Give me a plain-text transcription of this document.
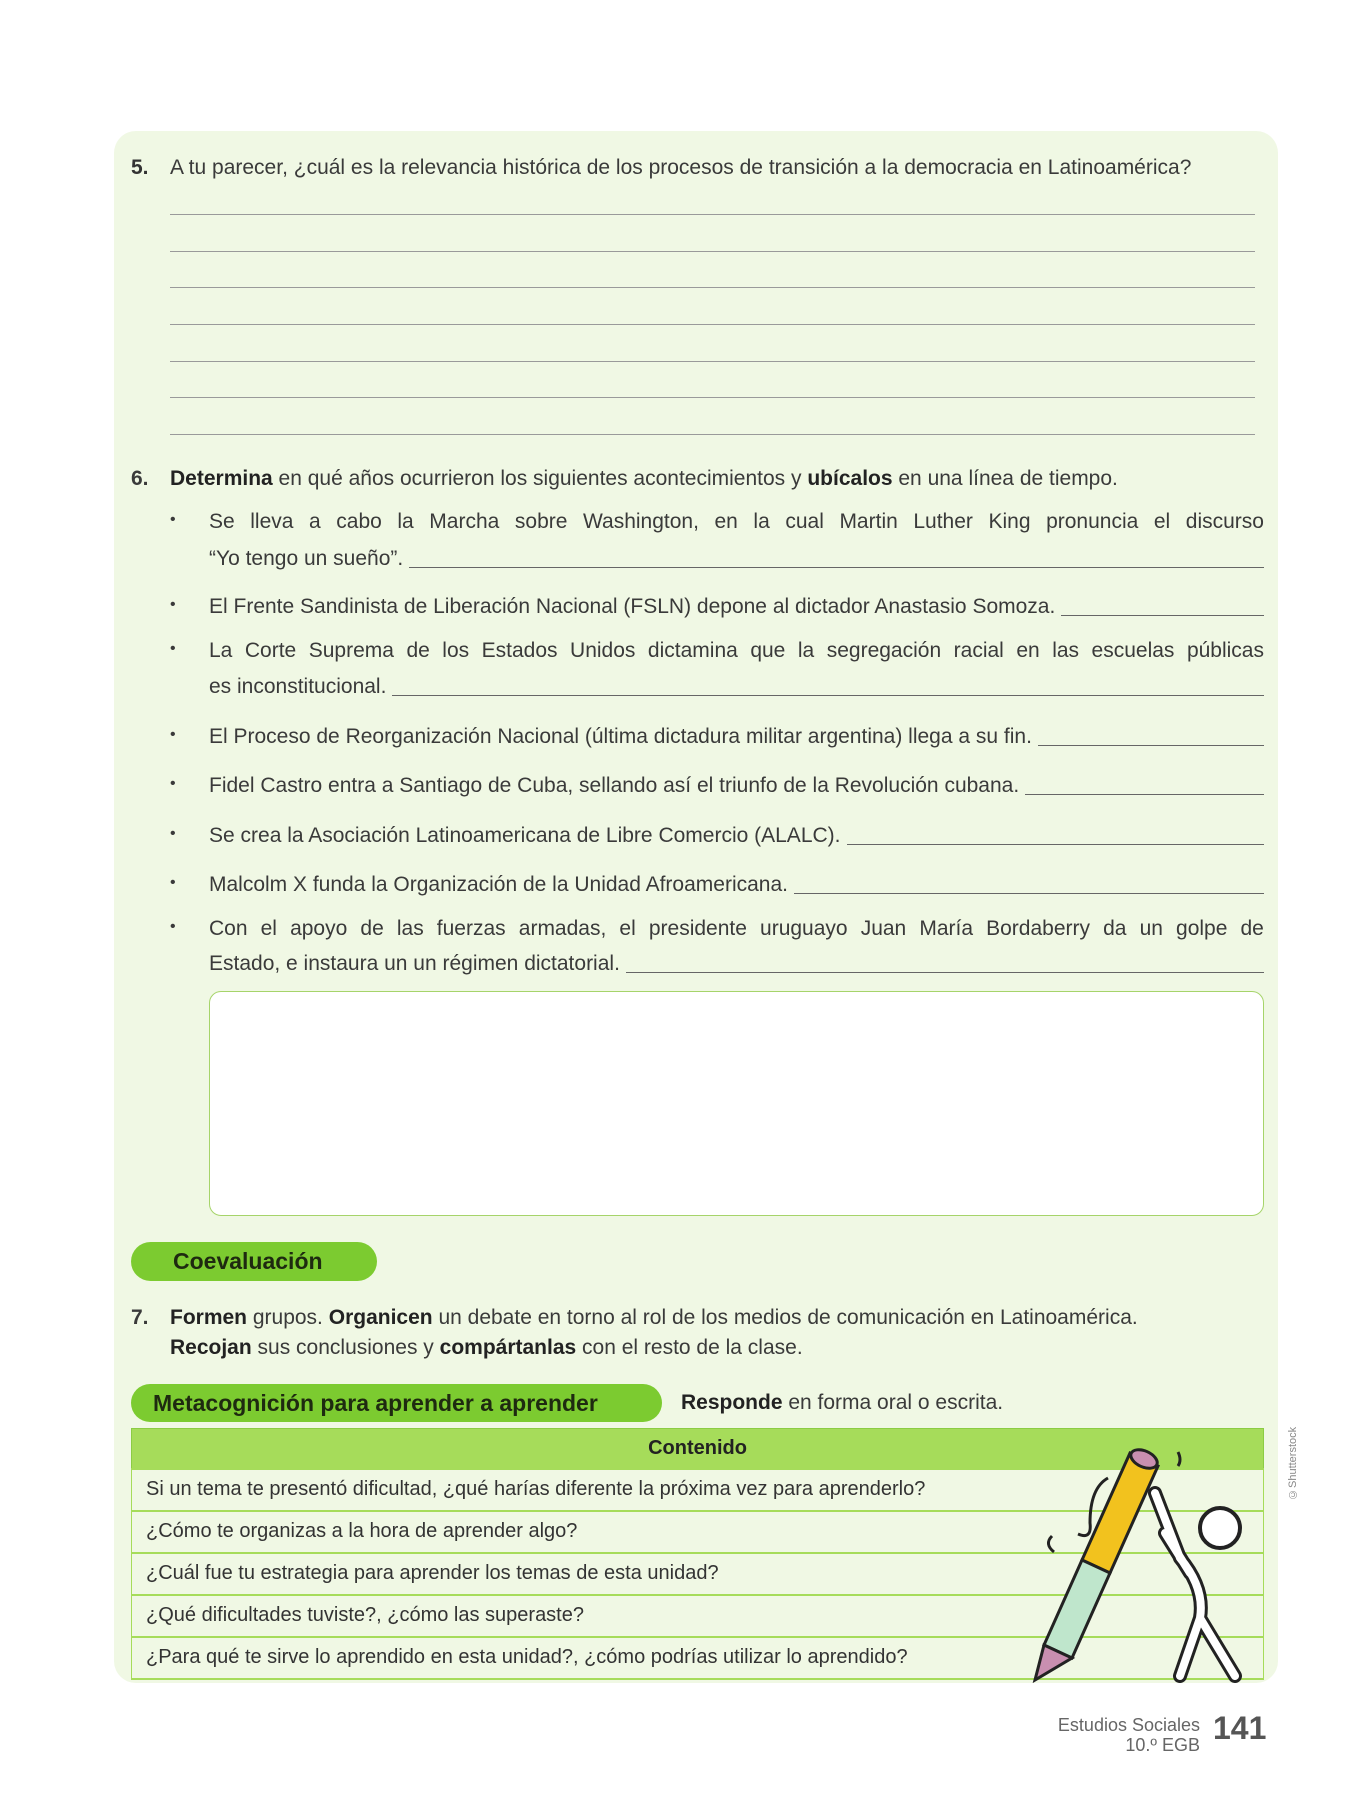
5. A tu parecer, ¿cuál es la relevancia histórica de los procesos de transición a la democracia en Latinoamérica?
6. Determina en qué años ocurrieron los siguientes acontecimientos y ubícalos en una línea de tiempo.
• Se lleva a cabo la Marcha sobre Washington, en la cual Martin Luther King pronuncia el discurso
“Yo tengo un sueño”.
• El Frente Sandinista de Liberación Nacional (FSLN) depone al dictador Anastasio Somoza.
• La Corte Suprema de los Estados Unidos dictamina que la segregación racial en las escuelas públicas
es inconstitucional.
• El Proceso de Reorganización Nacional (última dictadura militar argentina) llega a su fin.
• Fidel Castro entra a Santiago de Cuba, sellando así el triunfo de la Revolución cubana.
• Se crea la Asociación Latinoamericana de Libre Comercio (ALALC).
• Malcolm X funda la Organización de la Unidad Afroamericana.
• Con el apoyo de las fuerzas armadas, el presidente uruguayo Juan María Bordaberry da un golpe de
Estado, e instaura un un régimen dictatorial.
Coevaluación
7. Formen grupos. Organicen un debate en torno al rol de los medios de comunicación en Latinoamérica.
Recojan sus conclusiones y compártanlas con el resto de la clase.
Metacognición para aprender a aprender	Responde en forma oral o escrita.
Contenido
Si un tema te presentó dificultad, ¿qué harías diferente la próxima vez para aprenderlo?
¿Cómo te organizas a la hora de aprender algo?
¿Cuál fue tu estrategia para aprender los temas de esta unidad?
¿Qué dificultades tuviste?, ¿cómo las superaste?
¿Para qué te sirve lo aprendido en esta unidad?, ¿cómo podrías utilizar lo aprendido?
©Shutterstock
Estudios Sociales
10.º EGB 141
